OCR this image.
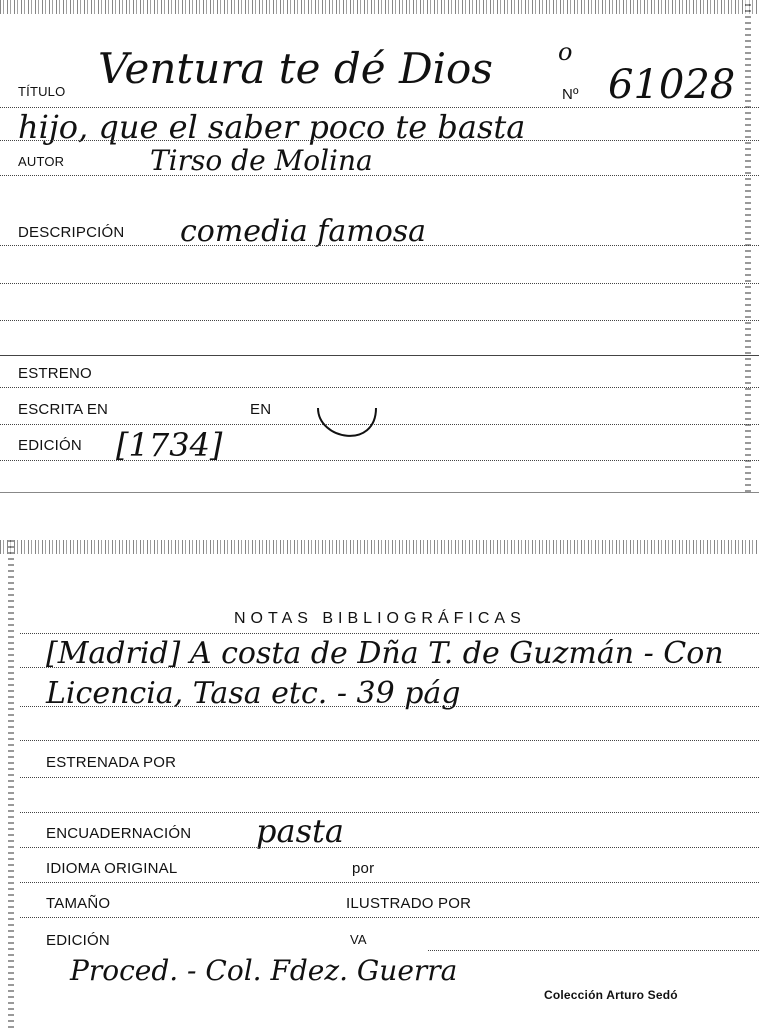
TÍTULO Ventura te dé Dios	o
Nº 61028
hijo, que el saber poco te basta
AUTOR	Tirso de Molina
DESCRIPCIÓN comedia famosa
ESTRENO
ESCRITA EN	EN
EDICIÓN [1734]
NOTAS BIBLIOGRÁFICAS
[Madrid] A costa de Dña T. de Guzmán - Con
Licencia, Tasa etc. - 39 pág
ESTRENADA POR
ENCUADERNACIÓN pasta
IDIOMA ORIGINAL	por
TAMAÑO	ILUSTRADO POR
EDICIÓN	VA
Proced. - Col. Fdez. Guerra
Colección Arturo Sedó
